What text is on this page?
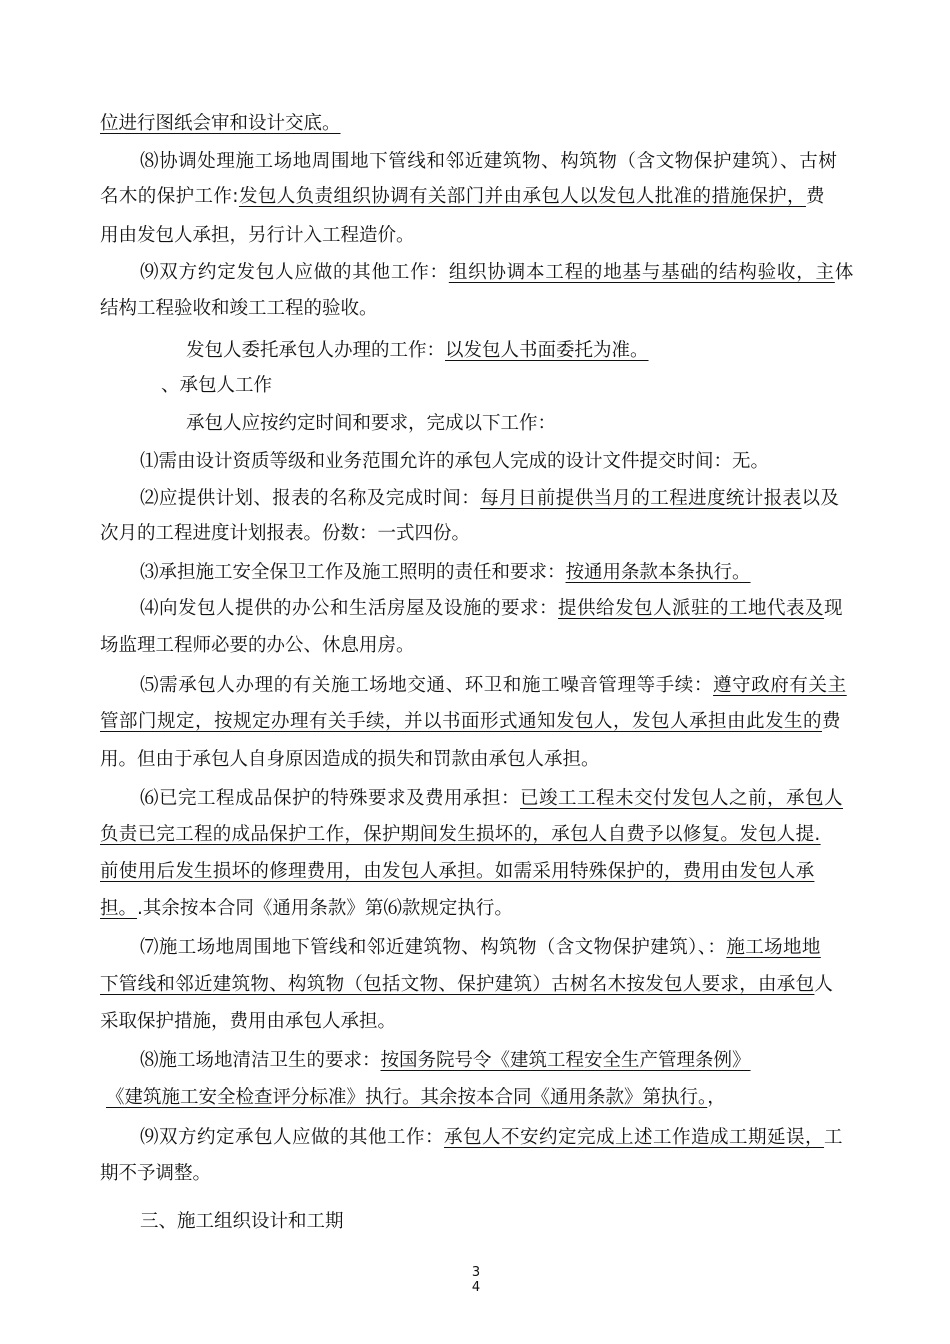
位进行图纸会审和设计交底。
⑻协调处理施工场地周围地下管线和邻近建筑物、构筑物（含文物保护建筑）、古树
名木的保护工作:发包人负责组织协调有关部门并由承包人以发包人批准的措施保护，费
用由发包人承担，另行计入工程造价。
⑼双方约定发包人应做的其他工作：组织协调本工程的地基与基础的结构验收，主体
结构工程验收和竣工工程的验收。
发包人委托承包人办理的工作：以发包人书面委托为准。
、承包人工作
承包人应按约定时间和要求，完成以下工作：
⑴需由设计资质等级和业务范围允许的承包人完成的设计文件提交时间：无。
⑵应提供计划、报表的名称及完成时间：每月日前提供当月的工程进度统计报表以及
次月的工程进度计划报表。份数：一式四份。
⑶承担施工安全保卫工作及施工照明的责任和要求：按通用条款本条执行。
⑷向发包人提供的办公和生活房屋及设施的要求：提供给发包人派驻的工地代表及现
场监理工程师必要的办公、休息用房。
⑸需承包人办理的有关施工场地交通、环卫和施工噪音管理等手续：遵守政府有关主
管部门规定，按规定办理有关手续，并以书面形式通知发包人，发包人承担由此发生的费
用。但由于承包人自身原因造成的损失和罚款由承包人承担。
⑹已完工程成品保护的特殊要求及费用承担：已竣工工程未交付发包人之前，承包人
负责已完工程的成品保护工作，保护期间发生损坏的，承包人自费予以修复。发包人提.
前使用后发生损坏的修理费用，由发包人承担。如需采用特殊保护的，费用由发包人承
担。.其余按本合同《通用条款》第⑹款规定执行。
⑺施工场地周围地下管线和邻近建筑物、构筑物（含文物保护建筑）、：施工场地地
下管线和邻近建筑物、构筑物（包括文物、保护建筑）古树名木按发包人要求，由承包人
采取保护措施，费用由承包人承担。
⑻施工场地清洁卫生的要求：按国务院号令《建筑工程安全生产管理条例》
《建筑施工安全检查评分标准》执行。其余按本合同《通用条款》第执行。，
⑼双方约定承包人应做的其他工作：承包人不安约定完成上述工作造成工期延误，工
期不予调整。
三、施工组织设计和工期
3
4
